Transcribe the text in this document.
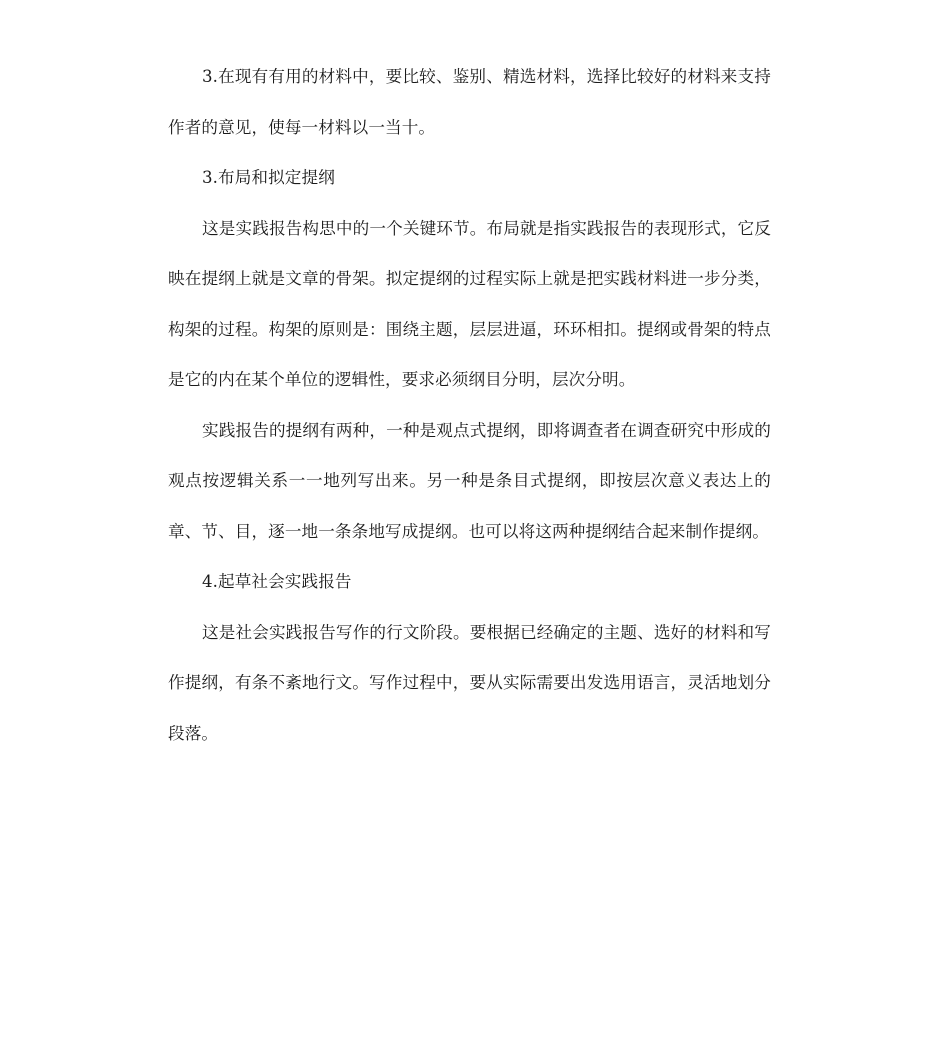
3.在现有有用的材料中，要比较、鉴别、精选材料，选择比较好的材料来支持作者的意见，使每一材料以一当十。

3.布局和拟定提纲

这是实践报告构思中的一个关键环节。布局就是指实践报告的表现形式，它反映在提纲上就是文章的骨架。拟定提纲的过程实际上就是把实践材料进一步分类，构架的过程。构架的原则是：围绕主题，层层进逼，环环相扣。提纲或骨架的特点是它的内在某个单位的逻辑性，要求必须纲目分明，层次分明。

实践报告的提纲有两种，一种是观点式提纲，即将调查者在调查研究中形成的观点按逻辑关系一一地列写出来。另一种是条目式提纲，即按层次意义表达上的章、节、目，逐一地一条条地写成提纲。也可以将这两种提纲结合起来制作提纲。

4.起草社会实践报告

这是社会实践报告写作的行文阶段。要根据已经确定的主题、选好的材料和写作提纲，有条不紊地行文。写作过程中，要从实际需要出发选用语言，灵活地划分段落。
